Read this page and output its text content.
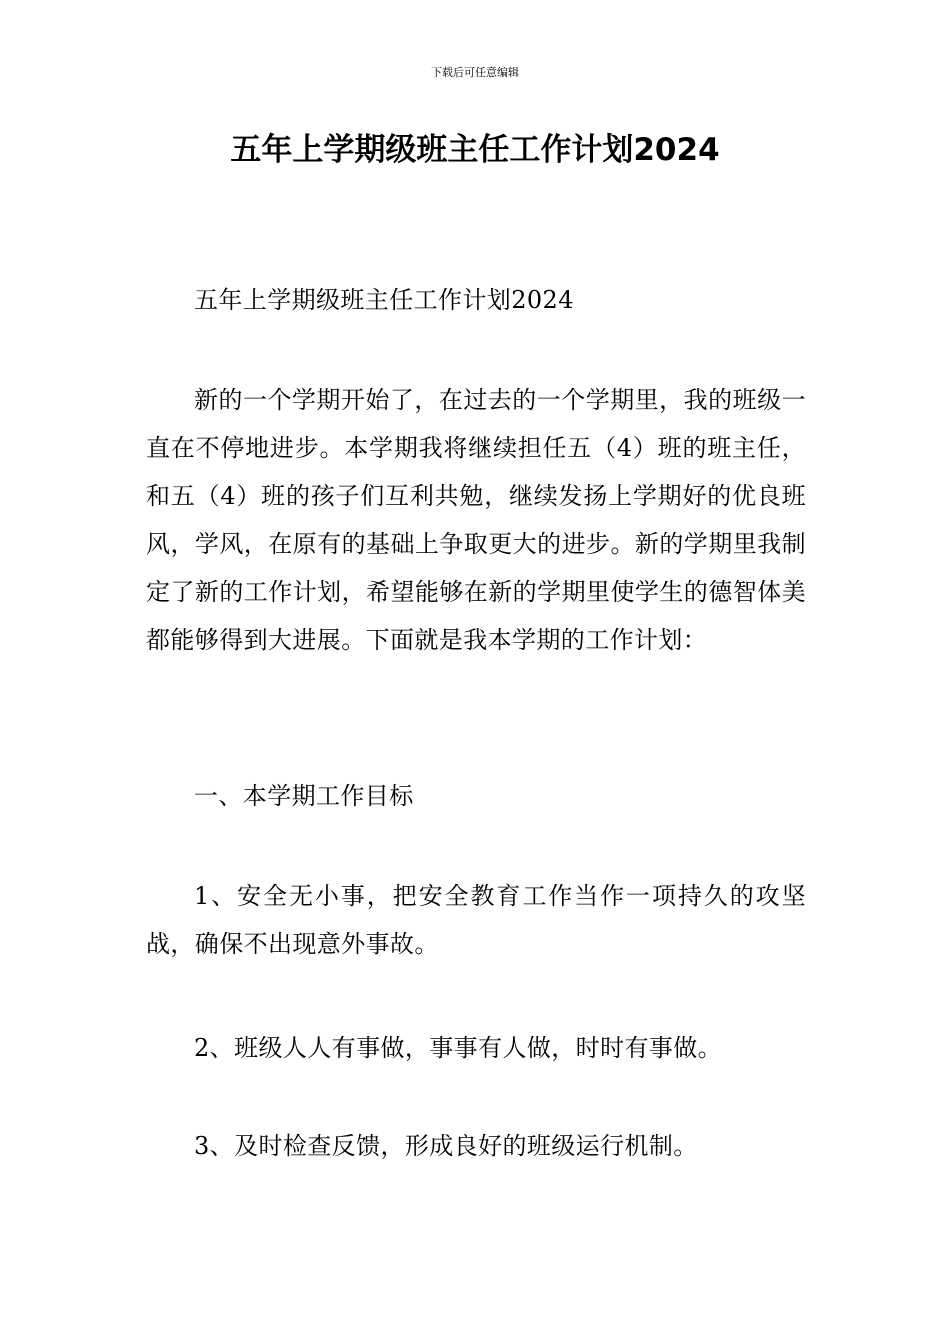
下载后可任意编辑
五年上学期级班主任工作计划2024

五年上学期级班主任工作计划2024

新的一个学期开始了，在过去的一个学期里，我的班级一直在不停地进步。本学期我将继续担任五（4）班的班主任，和五（4）班的孩子们互利共勉，继续发扬上学期好的优良班风，学风，在原有的基础上争取更大的进步。新的学期里我制定了新的工作计划，希望能够在新的学期里使学生的德智体美都能够得到大进展。下面就是我本学期的工作计划：

一、本学期工作目标

1、安全无小事，把安全教育工作当作一项持久的攻坚战，确保不出现意外事故。

2、班级人人有事做，事事有人做，时时有事做。

3、及时检查反馈，形成良好的班级运行机制。
